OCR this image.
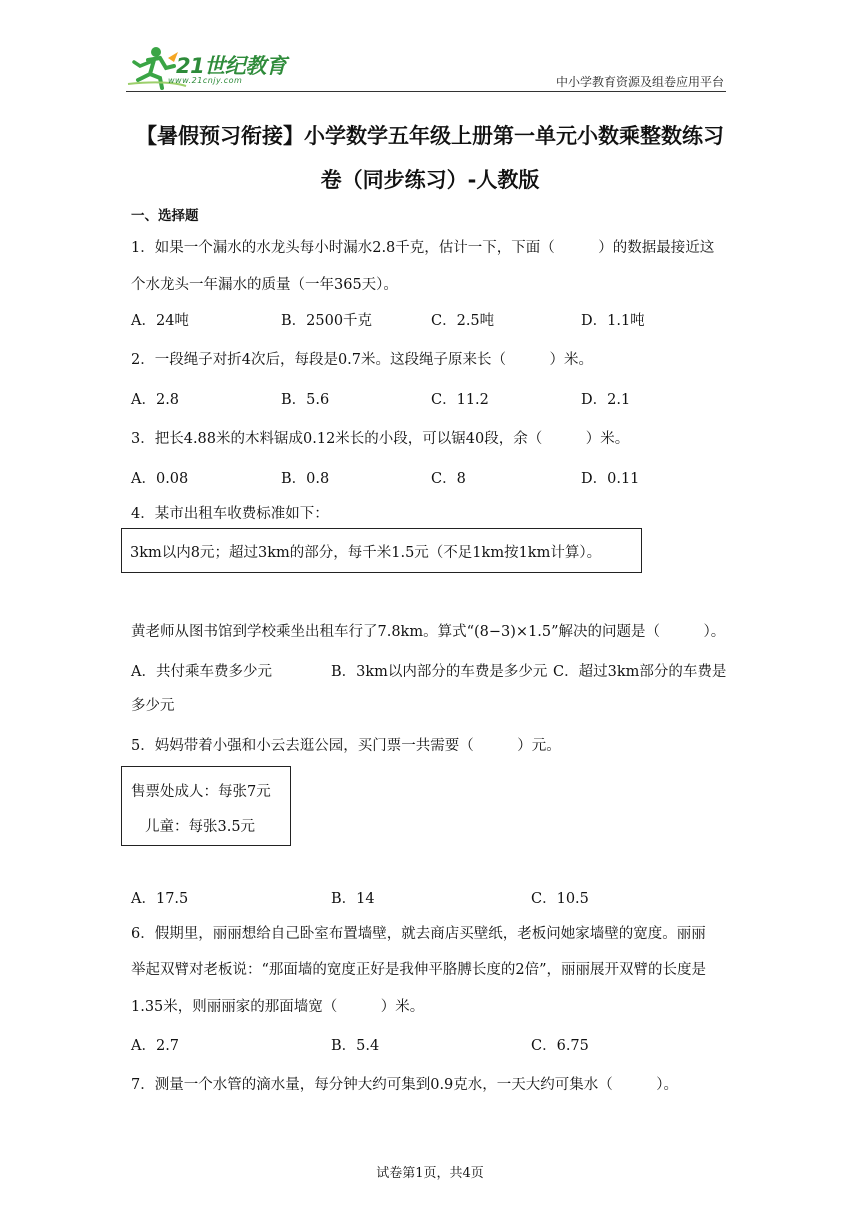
21世纪教育
www.21cnjy.com	中小学教育资源及组卷应用平台
【暑假预习衔接】小学数学五年级上册第一单元小数乘整数练习
卷（同步练习）-人教版
一、选择题
1．如果一个漏水的水龙头每小时漏水2.8千克，估计一下，下面（　　　）的数据最接近这
个水龙头一年漏水的质量（一年365天）。
A．24吨	B．2500千克	C．2.5吨	D．1.1吨
2．一段绳子对折4次后，每段是0.7米。这段绳子原来长（　　　）米。
A．2.8	B．5.6	C．11.2	D．2.1
3．把长4.88米的木料锯成0.12米长的小段，可以锯40段，余（　　　）米。
A．0.08	B．0.8	C．8	D．0.11
4．某市出租车收费标准如下：
3km以内8元；超过3km的部分，每千米1.5元（不足1km按1km计算）。
黄老师从图书馆到学校乘坐出租车行了7.8km。算式“(8−3)×1.5”解决的问题是（　　　）。
A．共付乘车费多少元	B．3km以内部分的车费是多少元 C．超过3km部分的车费是
多少元
5．妈妈带着小强和小云去逛公园，买门票一共需要（　　　）元。
售票处成人：每张7元
儿童：每张3.5元
A．17.5	B．14	C．10.5
6．假期里，丽丽想给自己卧室布置墙壁，就去商店买壁纸，老板问她家墙壁的宽度。丽丽
举起双臂对老板说：“那面墙的宽度正好是我伸平胳膊长度的2倍”，丽丽展开双臂的长度是
1.35米，则丽丽家的那面墙宽（　　　）米。
A．2.7	B．5.4	C．6.75
7．测量一个水管的滴水量，每分钟大约可集到0.9克水，一天大约可集水（　　　）。
试卷第1页，共4页
